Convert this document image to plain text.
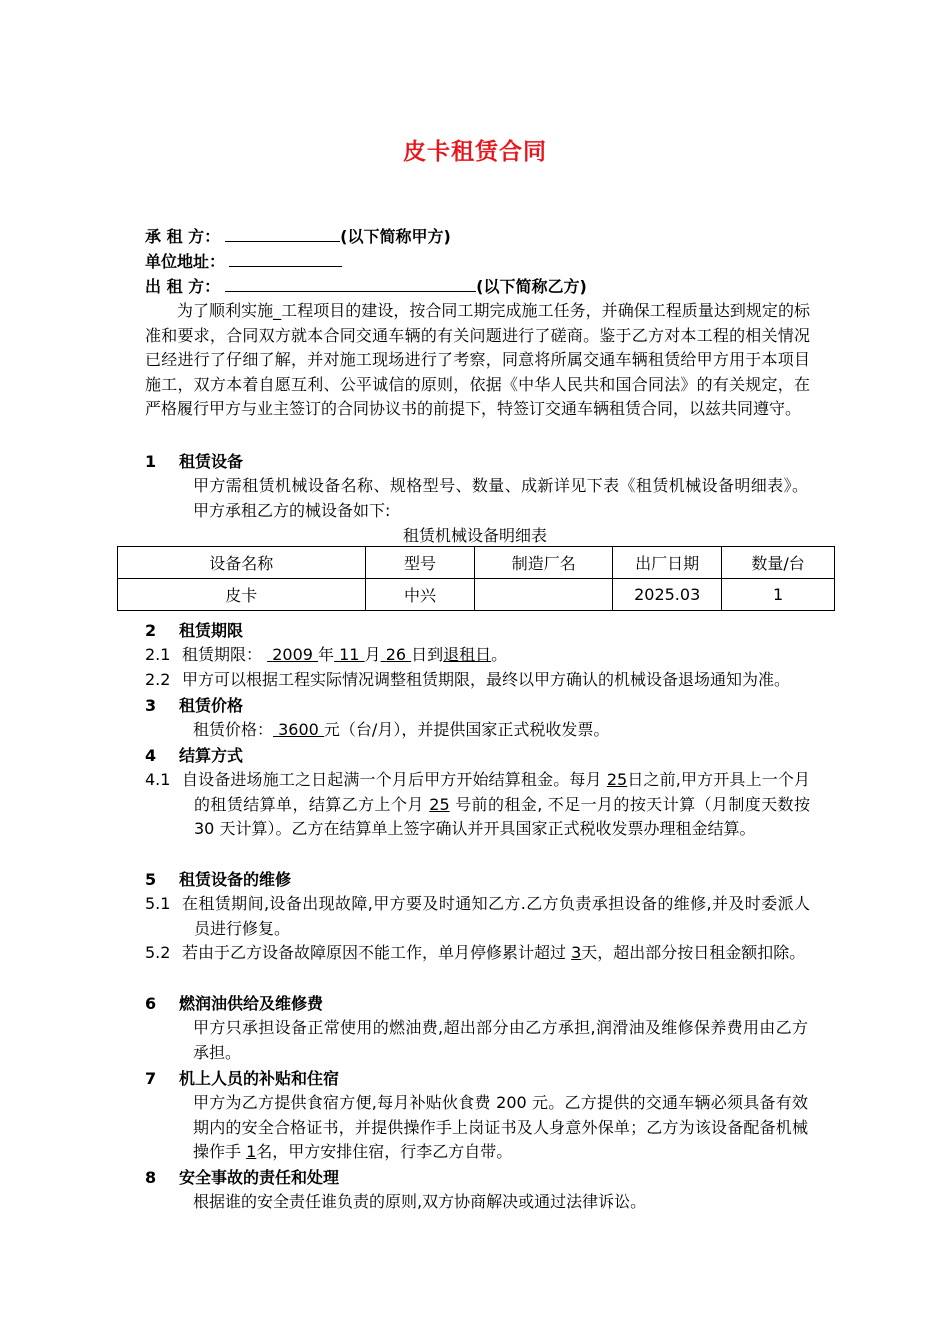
皮卡租赁合同
承 租 方：	(以下简称甲方)
单位地址：
出 租 方：	(以下简称乙方)
为了顺利实施_工程项目的建设，按合同工期完成施工任务，并确保工程质量达到规定的标准和要求，合同双方就本合同交通车辆的有关问题进行了磋商。鉴于乙方对本工程的相关情况已经进行了仔细了解，并对施工现场进行了考察，同意将所属交通车辆租赁给甲方用于本项目施工，双方本着自愿互利、公平诚信的原则，依据《中华人民共和国合同法》的有关规定，在严格履行甲方与业主签订的合同协议书的前提下，特签订交通车辆租赁合同，以兹共同遵守。
1 租赁设备
甲方需租赁机械设备名称、规格型号、数量、成新详见下表《租赁机械设备明细表》。甲方承租乙方的械设备如下:
租赁机械设备明细表
设备名称	型号	制造厂名	出厂日期	数量/台
皮卡	中兴		2025.03	1
2 租赁期限
2.1 租赁期限： 2009 年 11 月 26 日到退租日。
2.2 甲方可以根据工程实际情况调整租赁期限，最终以甲方确认的机械设备退场通知为准。
3 租赁价格
租赁价格： 3600 元（台/月），并提供国家正式税收发票。
4 结算方式
4.1 自设备进场施工之日起满一个月后甲方开始结算租金。每月 25日之前,甲方开具上一个月的租赁结算单，结算乙方上个月 25 号前的租金, 不足一月的按天计算（月制度天数按 30 天计算）。乙方在结算单上签字确认并开具国家正式税收发票办理租金结算。
5 租赁设备的维修
5.1 在租赁期间,设备出现故障,甲方要及时通知乙方.乙方负责承担设备的维修,并及时委派人员进行修复。
5.2 若由于乙方设备故障原因不能工作，单月停修累计超过 3天，超出部分按日租金额扣除。
6 燃润油供给及维修费
甲方只承担设备正常使用的燃油费,超出部分由乙方承担,润滑油及维修保养费用由乙方承担。
7 机上人员的补贴和住宿
甲方为乙方提供食宿方便,每月补贴伙食费 200 元。乙方提供的交通车辆必须具备有效期内的安全合格证书，并提供操作手上岗证书及人身意外保单；乙方为该设备配备机械操作手 1名，甲方安排住宿，行李乙方自带。
8 安全事故的责任和处理
根据谁的安全责任谁负责的原则,双方协商解决或通过法律诉讼。
